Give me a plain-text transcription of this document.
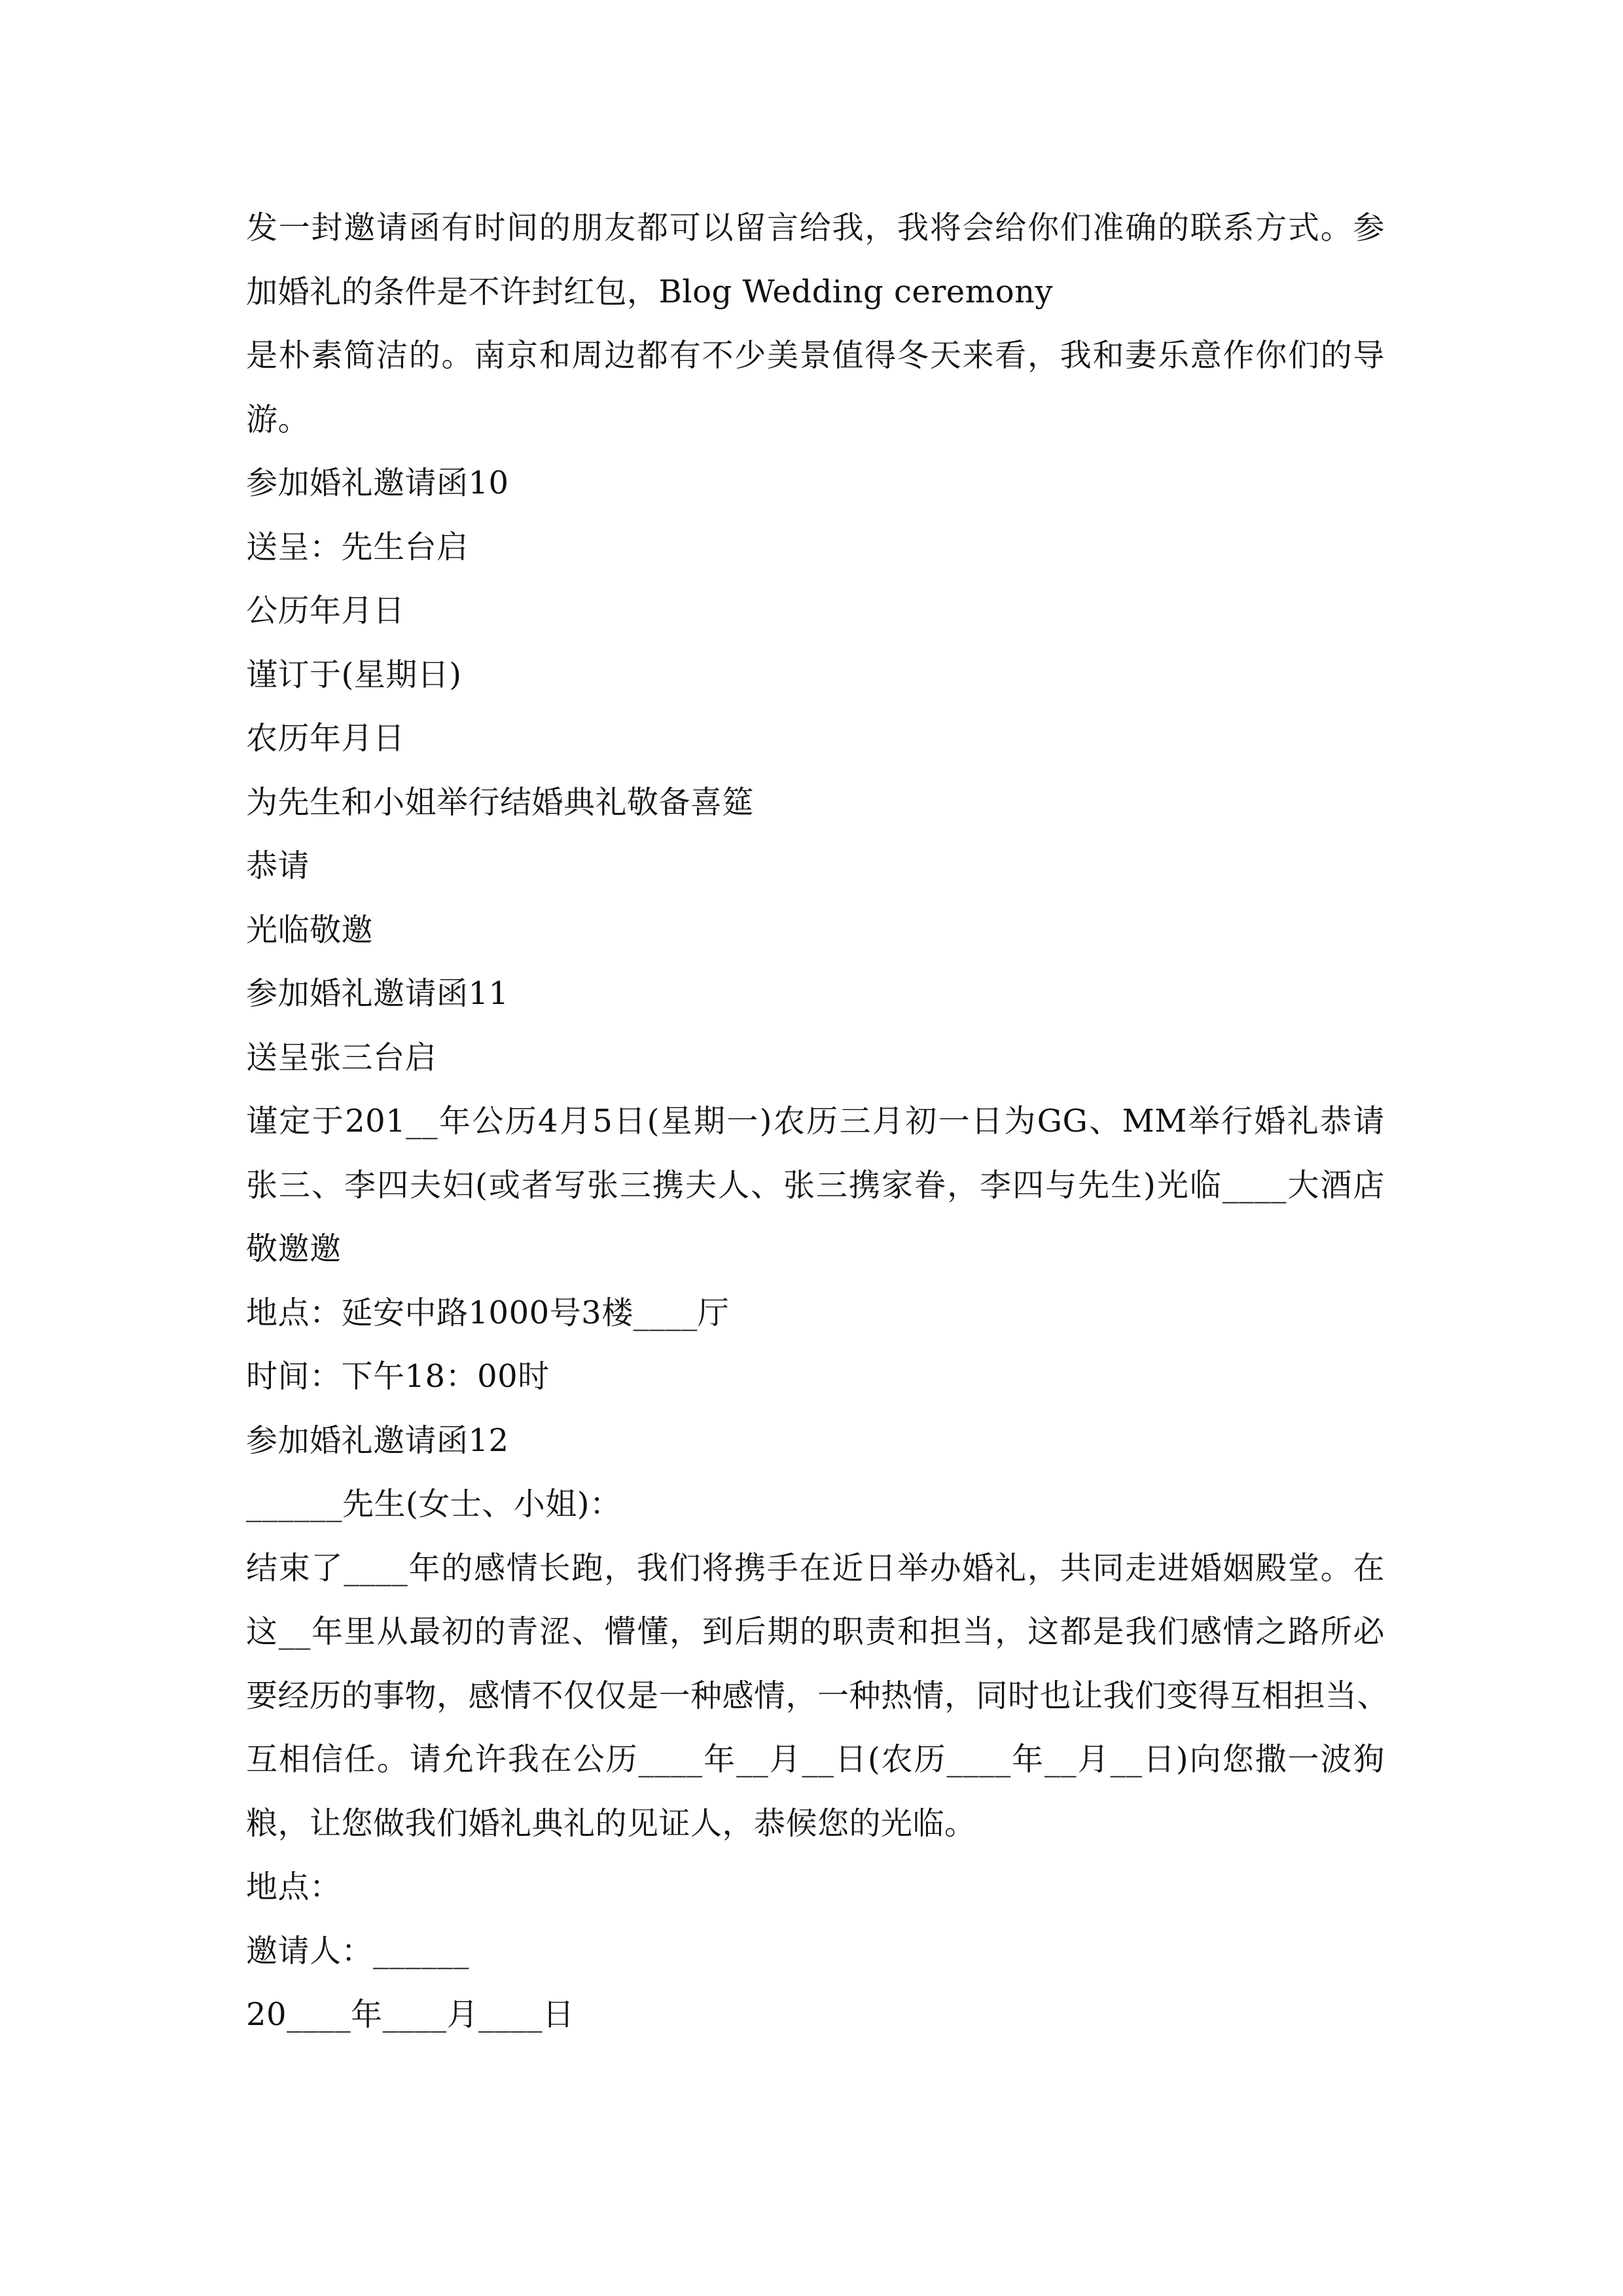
发一封邀请函有时间的朋友都可以留言给我，我将会给你们准确的联系方式。参
加婚礼的条件是不许封红包，Blog Wedding ceremony
是朴素简洁的。南京和周边都有不少美景值得冬天来看，我和妻乐意作你们的导
游。
参加婚礼邀请函10
送呈：先生台启
公历年月日
谨订于(星期日)
农历年月日
为先生和小姐举行结婚典礼敬备喜筵
恭请
光临敬邀
参加婚礼邀请函11
送呈张三台启
谨定于201__年公历4月5日(星期一)农历三月初一日为GG、MM举行婚礼恭请
张三、李四夫妇(或者写张三携夫人、张三携家眷，李四与先生)光临____大酒店
敬邀邀
地点：延安中路1000号3楼____厅
时间：下午18：00时
参加婚礼邀请函12
______先生(女士、小姐)：
结束了____年的感情长跑，我们将携手在近日举办婚礼，共同走进婚姻殿堂。在
这__年里从最初的青涩、懵懂，到后期的职责和担当，这都是我们感情之路所必
要经历的事物，感情不仅仅是一种感情，一种热情，同时也让我们变得互相担当、
互相信任。请允许我在公历____年__月__日(农历____年__月__日)向您撒一波狗
粮，让您做我们婚礼典礼的见证人，恭候您的光临。
地点：
邀请人：______
20____年____月____日
